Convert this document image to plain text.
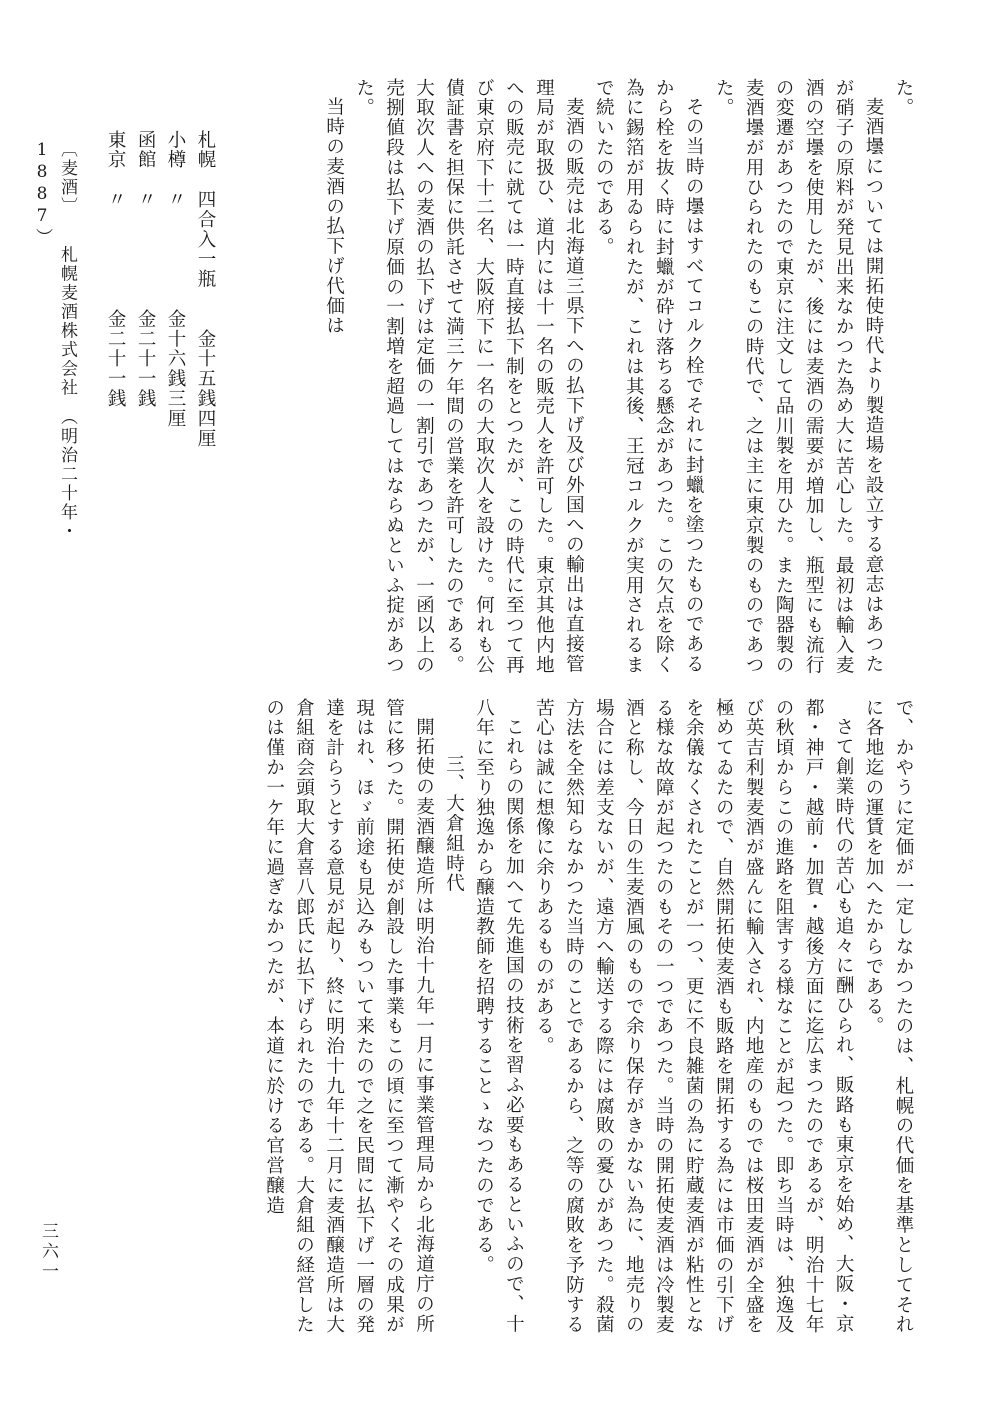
た。

麦酒壜については開拓使時代より製造場を設立する意志はあつたが硝子の原料が発見出来なかつた為め大に苦心した。最初は輸入麦酒の空壜を使用したが、後には麦酒の需要が増加し、瓶型にも流行の変遷があつたので東京に注文して品川製を用ひた。また陶器製の麦酒壜が用ひられたのもこの時代で、之は主に東京製のものであつた。

その当時の壜はすべてコルク栓でそれに封蠟を塗つたものであるから栓を抜く時に封蠟が砕け落ちる懸念があつた。この欠点を除く為に錫箔が用ゐられたが、これは其後、王冠コルクが実用されるまで続いたのである。

麦酒の販売は北海道三県下への払下げ及び外国への輸出は直接管理局が取扱ひ、道内には十一名の販売人を許可した。東京其他内地への販売に就ては一時直接払下制をとつたが、この時代に至つて再び東京府下十二名、大阪府下に一名の大取次人を設けた。何れも公債証書を担保に供託させて満三ケ年間の営業を許可したのである。大取次人への麦酒の払下げは定価の一割引であつたが、一函以上の売捌値段は払下げ原価の一割増を超過してはならぬといふ掟があつた。

当時の麦酒の払下げ代価は

札幌　四合入一瓶　　金十五銭四厘

小樽　〃　　　　　金十六銭三厘

函館　〃　　　　　金二十一銭

東京　〃　　　　　金二十一銭

〔麦酒〕　　札幌麦酒株式会社　（明治二十年・1887）

で、かやうに定価が一定しなかつたのは、札幌の代価を基準としてそれに各地迄の運賃を加へたからである。

さて創業時代の苦心も追々に酬ひられ、販路も東京を始め、大阪・京都・神戸・越前・加賀・越後方面に迄広まつたのであるが、明治十七年の秋頃からこの進路を阻害する様なことが起つた。即ち当時は、独逸及び英吉利製麦酒が盛んに輸入され、内地産のものでは桜田麦酒が全盛を極めてゐたので、自然開拓使麦酒も販路を開拓する為には市価の引下げを余儀なくされたことが一つ、更に不良雑菌の為に貯蔵麦酒が粘性となる様な故障が起つたのもその一つであつた。当時の開拓使麦酒は冷製麦酒と称し、今日の生麦酒風のもので余り保存がきかない為に、地売りの場合には差支ないが、遠方へ輸送する際には腐敗の憂ひがあつた。殺菌方法を全然知らなかつた当時のことであるから、之等の腐敗を予防する苦心は誠に想像に余りあるものがある。

これらの関係を加へて先進国の技術を習ふ必要もあるといふので、十八年に至り独逸から醸造教師を招聘することゝなつたのである。

三、大倉組時代

開拓使の麦酒醸造所は明治十九年一月に事業管理局から北海道庁の所管に移つた。開拓使が創設した事業もこの頃に至つて漸やくその成果が現はれ、ほゞ前途も見込みもついて来たので之を民間に払下げ一層の発達を計らうとする意見が起り、終に明治十九年十二月に麦酒醸造所は大倉組商会頭取大倉喜八郎氏に払下げられたのである。大倉組の経営したのは僅か一ケ年に過ぎなかつたが、本道に於ける官営醸造

三六一
